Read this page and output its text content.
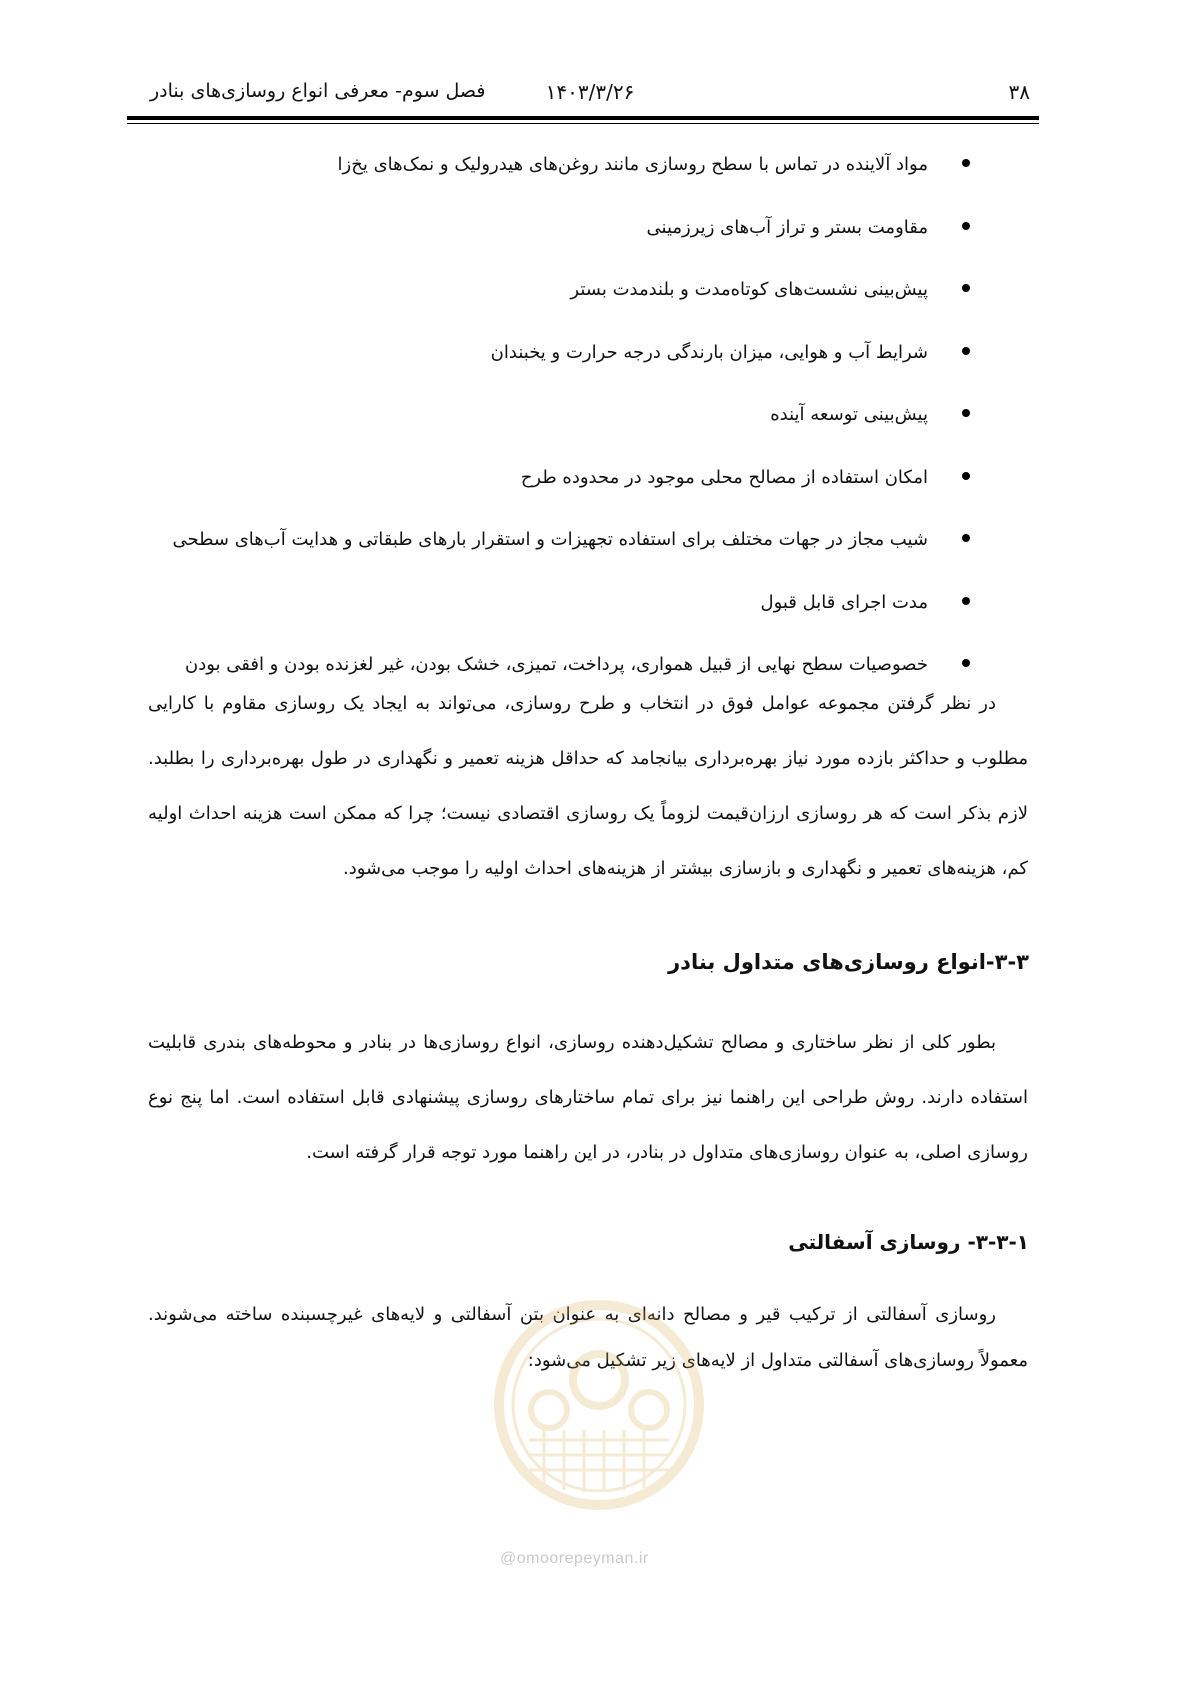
۳۸
۱۴۰۳/۳/۲۶
فصل سوم- معرفی انواع روسازی‌های بنادر
مواد آلاینده در تماس با سطح روسازی مانند روغن‌های هیدرولیک و نمک‌های یخ‌زا
مقاومت بستر و تراز آب‌های زیرزمینی
پیش‌بینی نشست‌های کوتاه‌مدت و بلندمدت بستر
شرایط آب و هوایی، میزان بارندگی درجه حرارت و یخبندان
پیش‌بینی توسعه آینده
امکان استفاده از مصالح محلی موجود در محدوده طرح
شیب مجاز در جهات مختلف برای استفاده تجهیزات و استقرار بارهای طبقاتی و هدایت آب‌های سطحی
مدت اجرای قابل قبول
خصوصیات سطح نهایی از قبیل همواری، پرداخت، تمیزی، خشک بودن، غیر لغزنده بودن و افقی بودن

در نظر گرفتن مجموعه عوامل فوق در انتخاب و طرح روسازی، می‌تواند به ایجاد یک روسازی مقاوم با کارایی مطلوب و حداکثر بازده مورد نیاز بهره‌برداری بیانجامد که حداقل هزینه تعمیر و نگهداری در طول بهره‌برداری را بطلبد. لازم بذکر است که هر روسازی ارزان‌قیمت لزوماً یک روسازی اقتصادی نیست؛ چرا که ممکن است هزینه احداث اولیه کم، هزینه‌های تعمیر و نگهداری و بازسازی بیشتر از هزینه‌های احداث اولیه را موجب می‌شود.

۳-۳-انواع روسازی‌های متداول بنادر

بطور کلی از نظر ساختاری و مصالح تشکیل‌دهنده روسازی، انواع روسازی‌ها در بنادر و محوطه‌های بندری قابلیت استفاده دارند. روش طراحی این راهنما نیز برای تمام ساختارهای روسازی پیشنهادی قابل استفاده است. اما پنج نوع روسازی اصلی، به عنوان روسازی‌های متداول در بنادر، در این راهنما مورد توجه قرار گرفته است.

۳-۳-۱- روسازی آسفالتی

روسازی آسفالتی از ترکیب قیر و مصالح دانه‌ای به عنوان بتن آسفالتی و لایه‌های غیرچسبنده ساخته می‌شوند. معمولاً روسازی‌های آسفالتی متداول از لایه‌های زیر تشکیل می‌شود:

@omoorepeyman.ir
